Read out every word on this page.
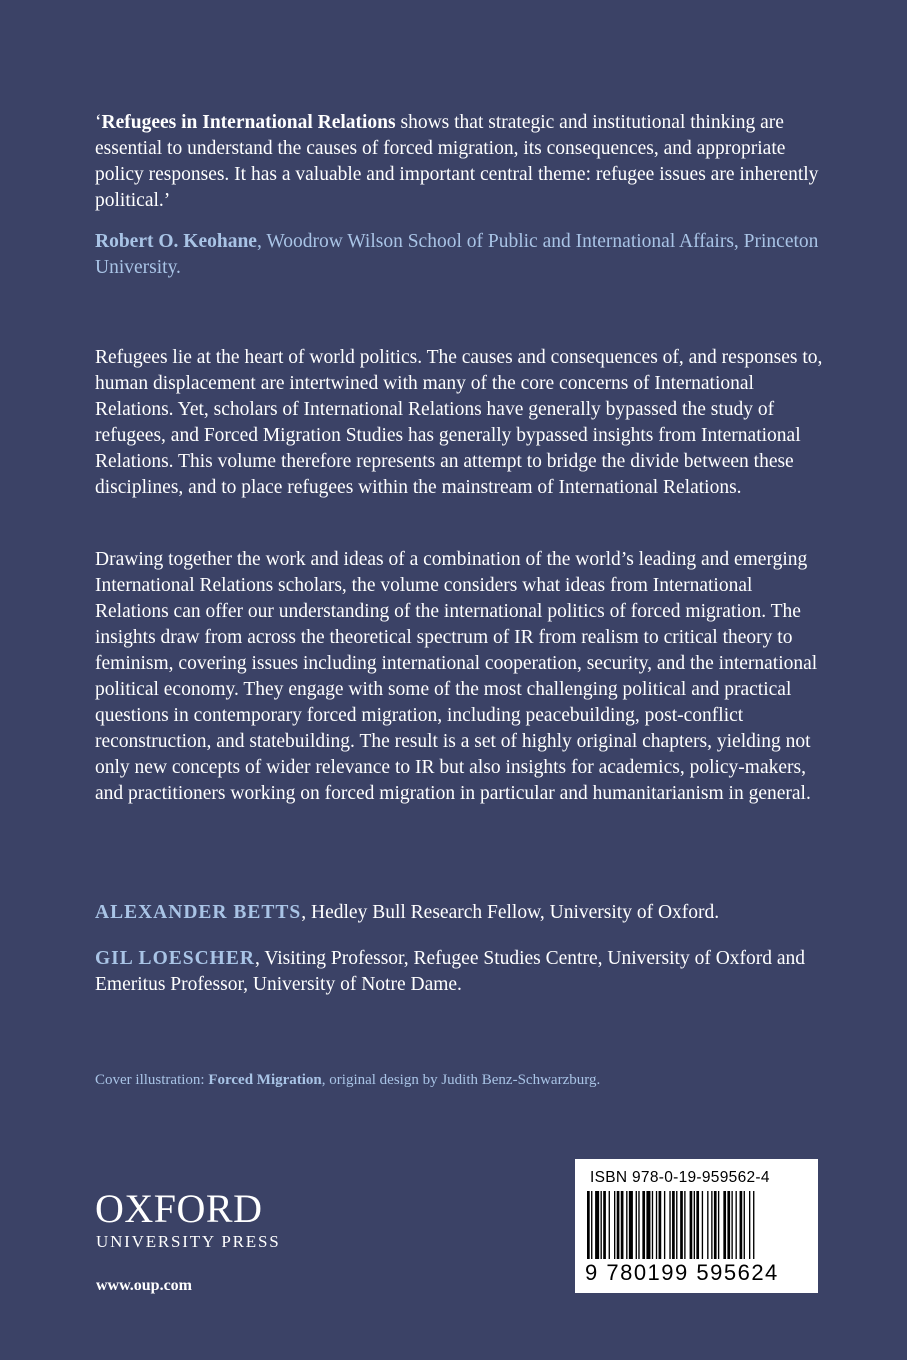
‘Refugees in International Relations shows that strategic and institutional thinking are essential to understand the causes of forced migration, its consequences, and appropriate policy responses. It has a valuable and important central theme: refugee issues are inherently political.’
Robert O. Keohane, Woodrow Wilson School of Public and International Affairs, Princeton University.
Refugees lie at the heart of world politics. The causes and consequences of, and responses to, human displacement are intertwined with many of the core concerns of International Relations. Yet, scholars of International Relations have generally bypassed the study of refugees, and Forced Migration Studies has generally bypassed insights from International Relations. This volume therefore represents an attempt to bridge the divide between these disciplines, and to place refugees within the mainstream of International Relations.
Drawing together the work and ideas of a combination of the world’s leading and emerging International Relations scholars, the volume considers what ideas from International Relations can offer our understanding of the international politics of forced migration. The insights draw from across the theoretical spectrum of IR from realism to critical theory to feminism, covering issues including international cooperation, security, and the international political economy. They engage with some of the most challenging political and practical questions in contemporary forced migration, including peacebuilding, post-conflict reconstruction, and statebuilding. The result is a set of highly original chapters, yielding not only new concepts of wider relevance to IR but also insights for academics, policy-makers, and practitioners working on forced migration in particular and humanitarianism in general.
ALEXANDER BETTS, Hedley Bull Research Fellow, University of Oxford.
GIL LOESCHER, Visiting Professor, Refugee Studies Centre, University of Oxford and Emeritus Professor, University of Notre Dame.
Cover illustration: Forced Migration, original design by Judith Benz-Schwarzburg.
OXFORD
UNIVERSITY PRESS
www.oup.com
ISBN 978-0-19-959562-4
9 780199 595624
